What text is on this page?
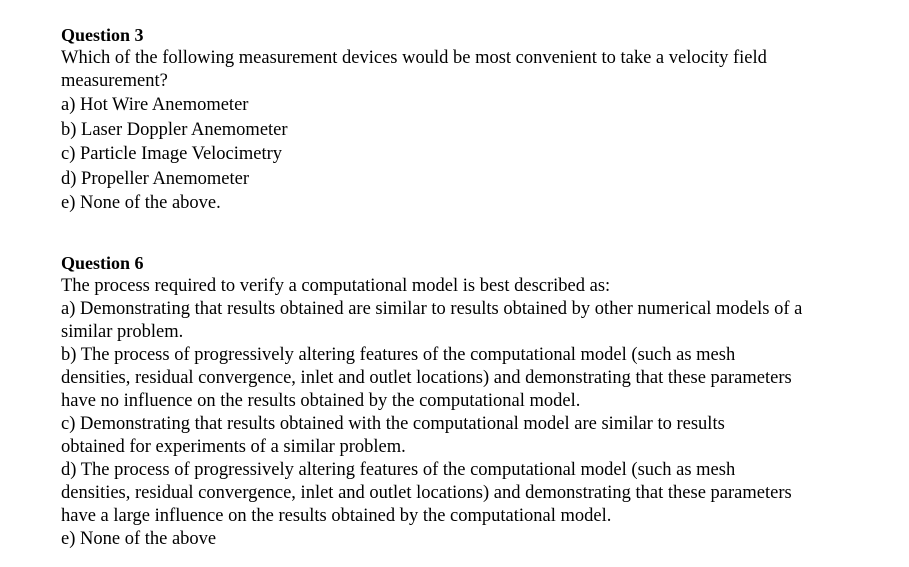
Question 3

Which of the following measurement devices would be most convenient to take a velocity field measurement?

a) Hot Wire Anemometer

b) Laser Doppler Anemometer

c) Particle Image Velocimetry

d) Propeller Anemometer

e) None of the above.

Question 6

The process required to verify a computational model is best described as:

a) Demonstrating that results obtained are similar to results obtained by other numerical models of a similar problem.

b) The process of progressively altering features of the computational model (such as mesh densities, residual convergence, inlet and outlet locations) and demonstrating that these parameters have no influence on the results obtained by the computational model.

c) Demonstrating that results obtained with the computational model are similar to results obtained for experiments of a similar problem.

d) The process of progressively altering features of the computational model (such as mesh densities, residual convergence, inlet and outlet locations) and demonstrating that these parameters have a large influence on the results obtained by the computational model.

e) None of the above
